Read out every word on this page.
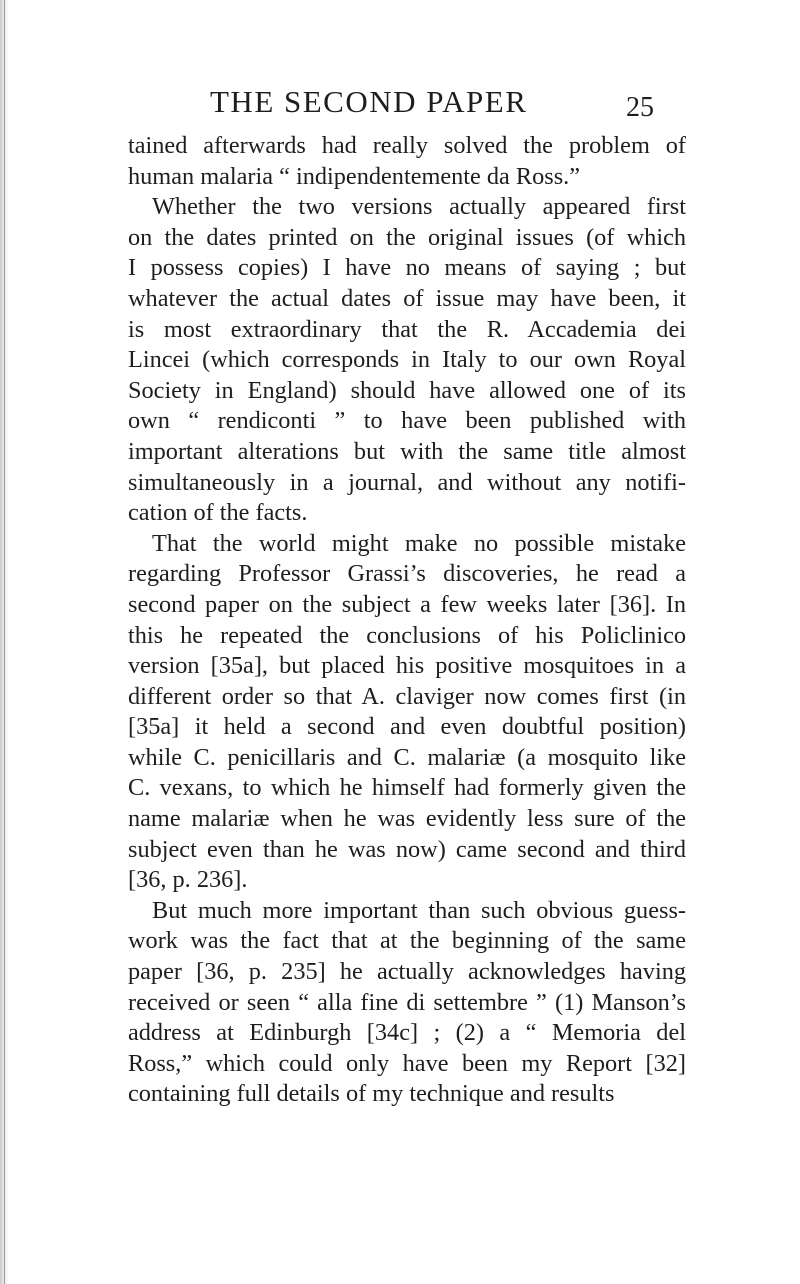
THE SECOND PAPER	25
tained afterwards had really solved the problem of
human malaria “ indipendentemente da Ross.”
Whether the two versions actually appeared first
on the dates printed on the original issues (of which
I possess copies) I have no means of saying ; but
whatever the actual dates of issue may have been, it
is most extraordinary that the R. Accademia dei
Lincei (which corresponds in Italy to our own Royal
Society in England) should have allowed one of its
own “ rendiconti ” to have been published with
important alterations but with the same title almost
simultaneously in a journal, and without any notifi-
cation of the facts.
That the world might make no possible mistake
regarding Professor Grassi’s discoveries, he read a
second paper on the subject a few weeks later [36]. In
this he repeated the conclusions of his Policlinico
version [35a], but placed his positive mosquitoes in a
different order so that A. claviger now comes first (in
[35a] it held a second and even doubtful position)
while C. penicillaris and C. malariæ (a mosquito like
C. vexans, to which he himself had formerly given the
name malariæ when he was evidently less sure of the
subject even than he was now) came second and third
[36, p. 236].
But much more important than such obvious guess-
work was the fact that at the beginning of the same
paper [36, p. 235] he actually acknowledges having
received or seen “ alla fine di settembre ” (1) Manson’s
address at Edinburgh [34c] ; (2) a “ Memoria del
Ross,” which could only have been my Report [32]
containing full details of my technique and results
